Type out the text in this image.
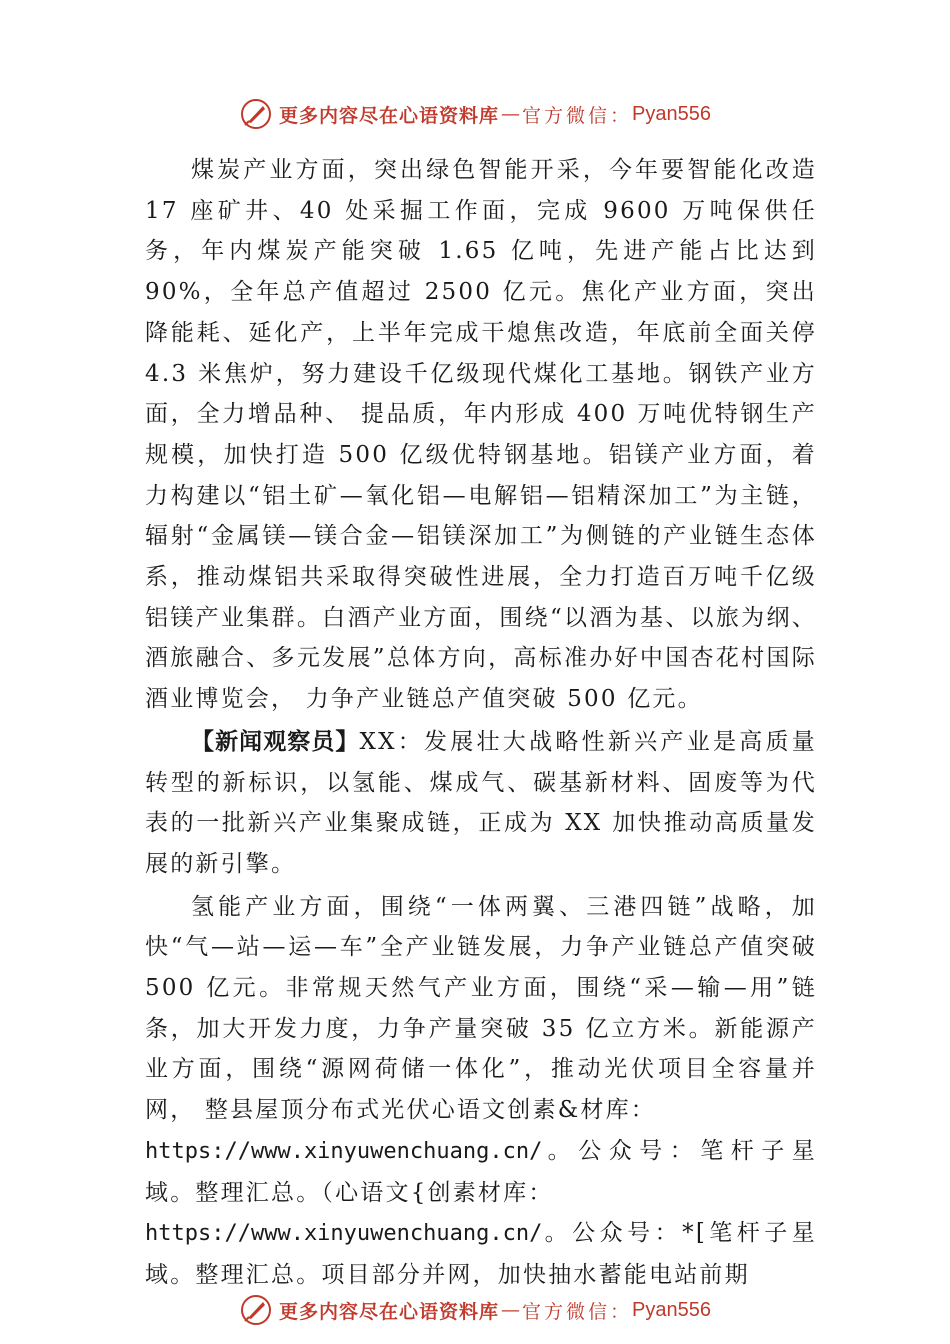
更多内容尽在心语资料库 — 官方微信： Pyan556

煤炭产业方面，突出绿色智能开采，今年要智能化改造 17 座矿井、40 处采掘工作面，完成 9600 万吨保供任务，年内煤炭产能突破 1.65 亿吨，先进产能占比达到 90%，全年总产值超过 2500 亿元。焦化产业方面，突出降能耗、延化产，上半年完成干熄焦改造，年底前全面关停 4.3 米焦炉，努力建设千亿级现代煤化工基地。钢铁产业方面，全力增品种、 提品质，年内形成 400 万吨优特钢生产规模，加快打造 500 亿级优特钢基地。铝镁产业方面，着力构建以“铝土矿—氧化铝—电解铝—铝精深加工”为主链，辐射“金属镁—镁合金—铝镁深加工”为侧链的产业链生态体系，推动煤铝共采取得突破性进展，全力打造百万吨千亿级铝镁产业集群。白酒产业方面，围绕“以酒为基、以旅为纲、酒旅融合、多元发展”总体方向，高标准办好中国杏花村国际酒业博览会， 力争产业链总产值突破 500 亿元。

【新闻观察员】XX：发展壮大战略性新兴产业是高质量转型的新标识，以氢能、煤成气、碳基新材料、固废等为代表的一批新兴产业集聚成链，正成为 XX 加快推动高质量发展的新引擎。

氢能产业方面，围绕“一体两翼、三港四链”战略，加快“气—站—运—车”全产业链发展，力争产业链总产值突破 500 亿元。非常规天然气产业方面，围绕“采—输—用”链条，加大开发力度，力争产量突破 35 亿立方米。新能源产业方面，围绕“源网荷储一体化”，推动光伏项目全容量并网， 整县屋顶分布式光伏心语文创素&材库：
https://www.xinyuwenchuang.cn/。公众号：笔杆子星域。整理汇总。（心语文{创素材库：
https://www.xinyuwenchuang.cn/。公众号：*[笔杆子星域。整理汇总。项目部分并网，加快抽水蓄能电站前期

更多内容尽在心语资料库 — 官方微信： Pyan556
